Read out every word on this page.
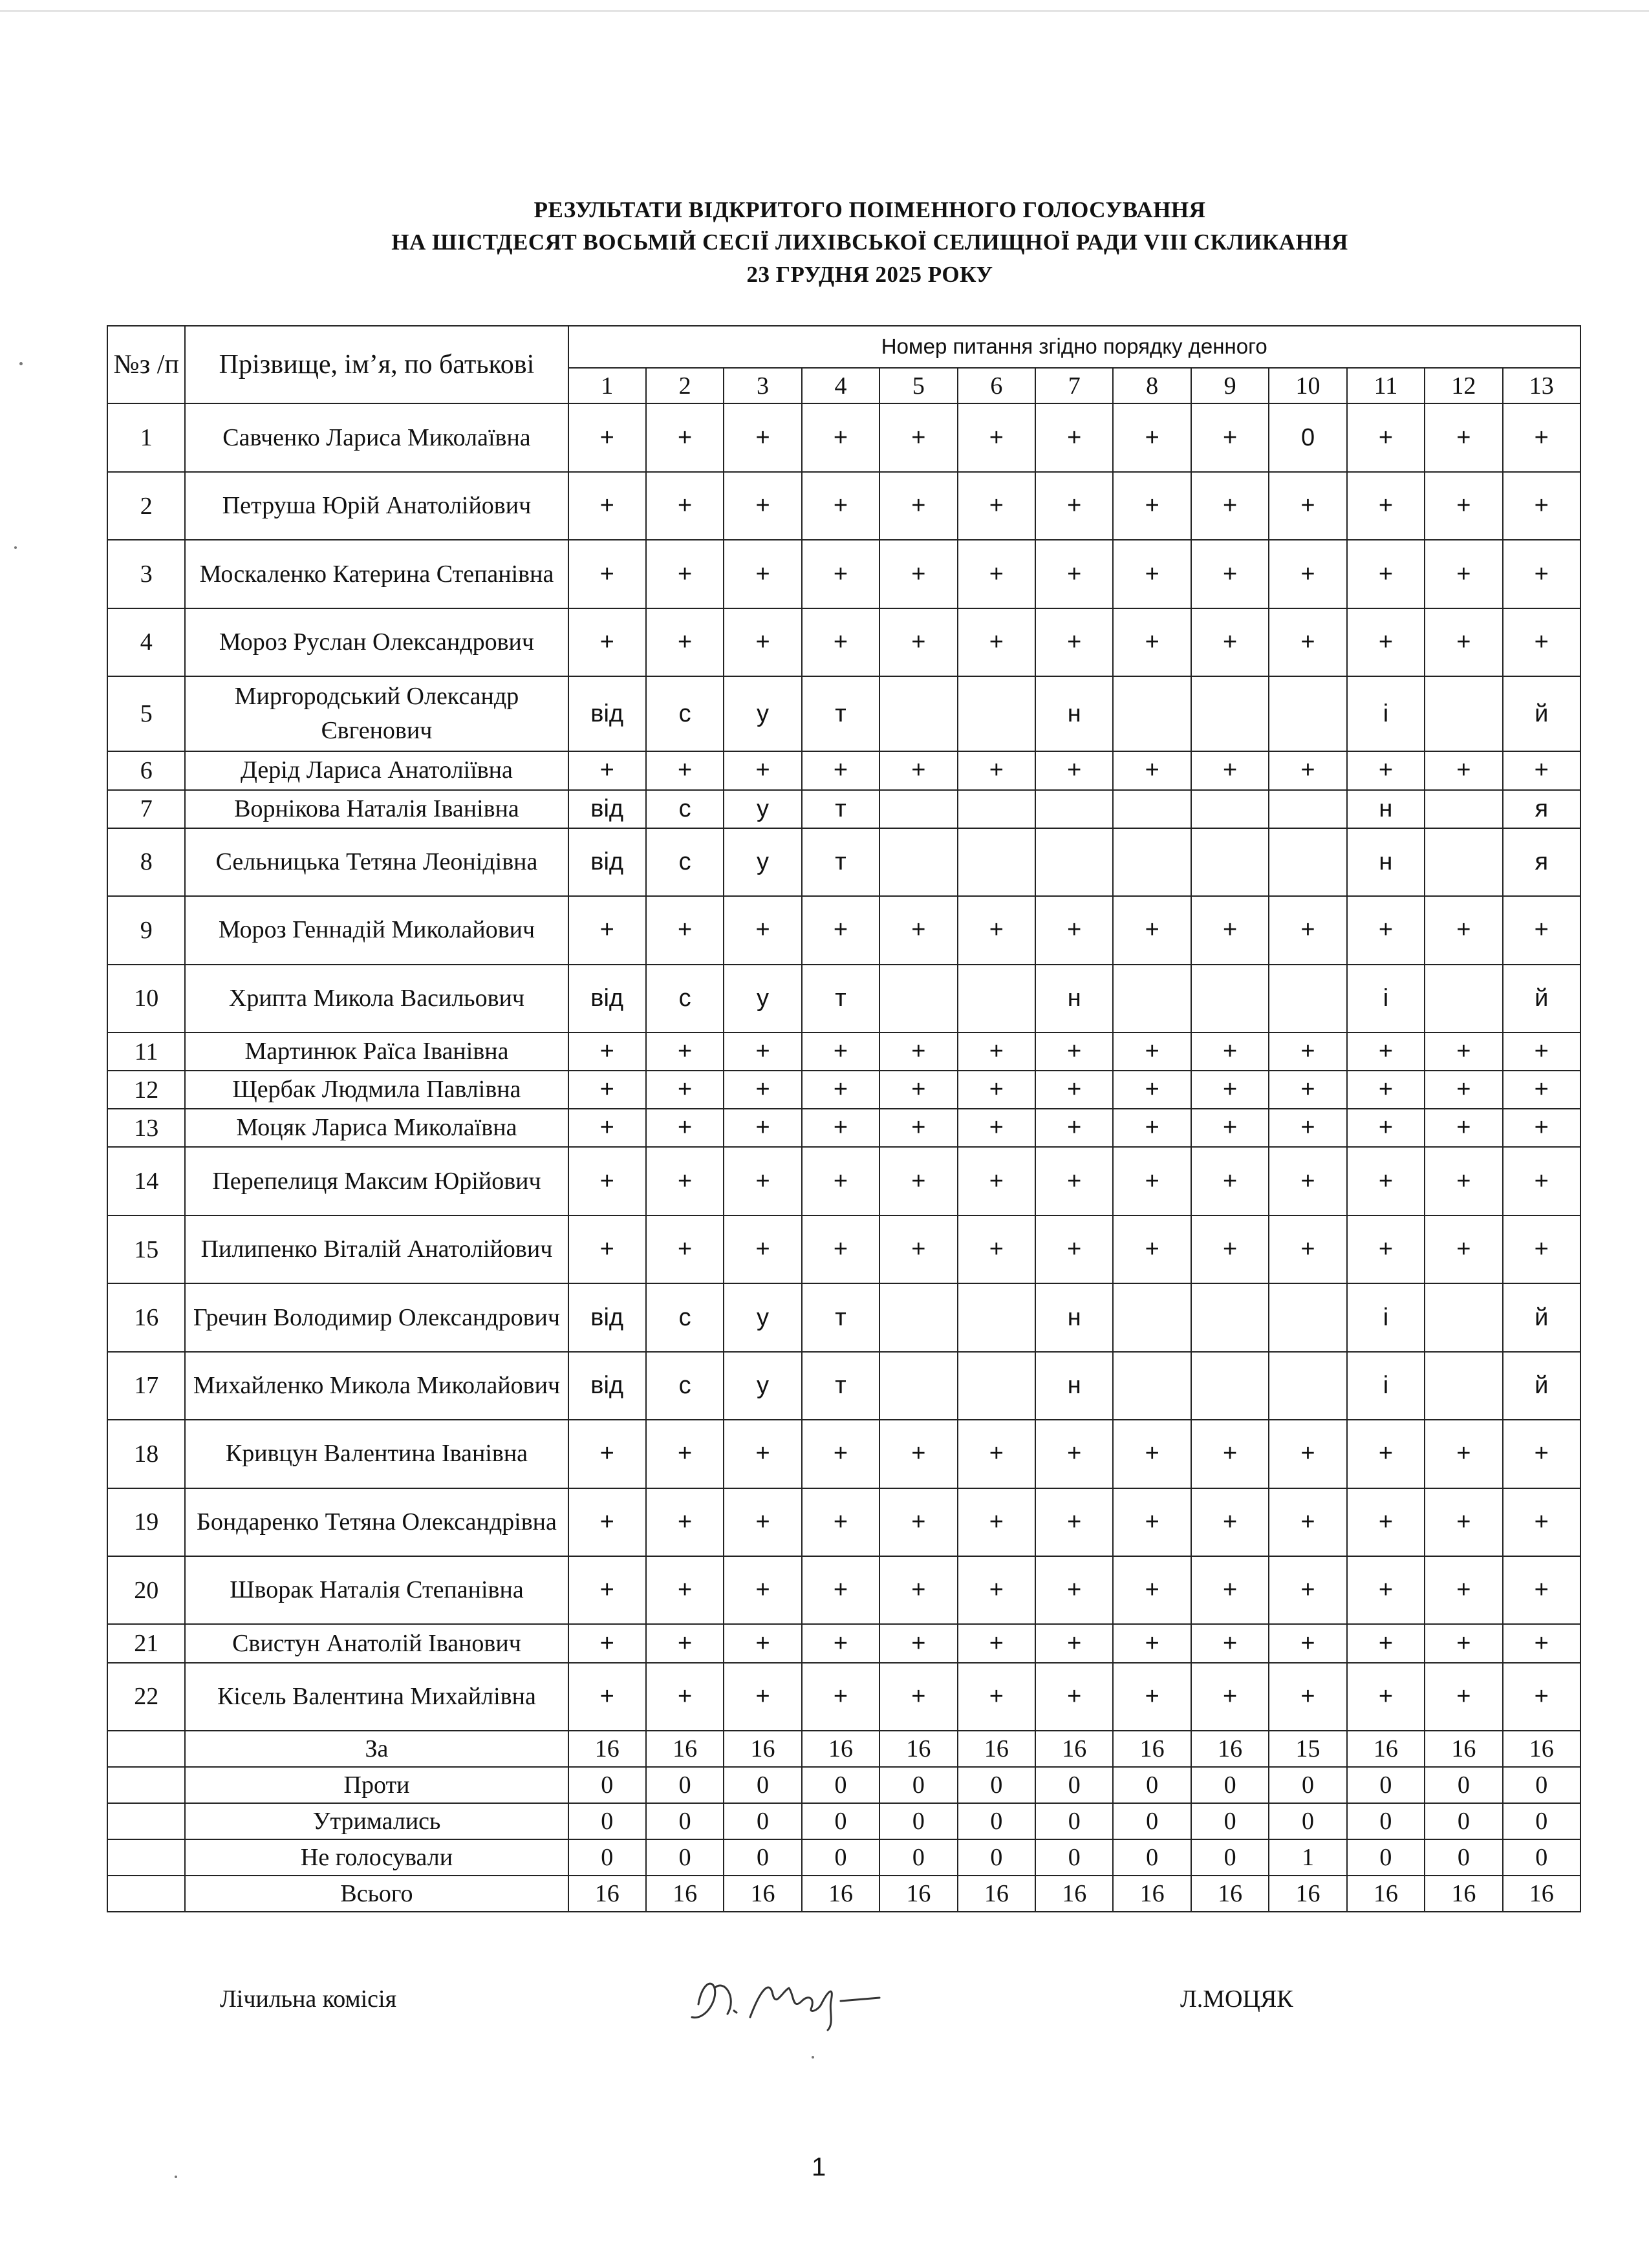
РЕЗУЛЬТАТИ ВІДКРИТОГО ПОІМЕННОГО ГОЛОСУВАННЯ
НА ШІСТДЕСЯТ ВОСЬМІЙ СЕСІЇ ЛИХІВСЬКОЇ СЕЛИЩНОЇ РАДИ VIII СКЛИКАННЯ
23 ГРУДНЯ 2025 РОКУ
№з /п	Прізвище, ім’я, по батькові	Номер питання згідно порядку денного												
		1	2	3	4	5	6	7	8	9	10	11	12	13
1	Савченко Лариса Миколаївна	+	+	+	+	+	+	+	+	+	0	+	+	+
2	Петруша Юрій Анатолійович	+	+	+	+	+	+	+	+	+	+	+	+	+
3	Москаленко Катерина Степанівна	+	+	+	+	+	+	+	+	+	+	+	+	+
4	Мороз Руслан Олександрович	+	+	+	+	+	+	+	+	+	+	+	+	+
5	Миргородський Олександр Євгенович	від	с	у	т			н				і		й
6	Дерід Лариса Анатоліївна	+	+	+	+	+	+	+	+	+	+	+	+	+
7	Ворнікова Наталія Іванівна	від	с	у	т							н		я
8	Сельницька Тетяна Леонідівна	від	с	у	т							н		я
9	Мороз Геннадій Миколайович	+	+	+	+	+	+	+	+	+	+	+	+	+
10	Хрипта Микола Васильович	від	с	у	т			н				і		й
11	Мартинюк Раїса Іванівна	+	+	+	+	+	+	+	+	+	+	+	+	+
12	Щербак Людмила Павлівна	+	+	+	+	+	+	+	+	+	+	+	+	+
13	Моцяк Лариса Миколаївна	+	+	+	+	+	+	+	+	+	+	+	+	+
14	Перепелиця Максим Юрійович	+	+	+	+	+	+	+	+	+	+	+	+	+
15	Пилипенко Віталій Анатолійович	+	+	+	+	+	+	+	+	+	+	+	+	+
16	Гречин Володимир Олександрович	від	с	у	т			н				і		й
17	Михайленко Микола Миколайович	від	с	у	т			н				і		й
18	Кривцун Валентина Іванівна	+	+	+	+	+	+	+	+	+	+	+	+	+
19	Бондаренко Тетяна Олександрівна	+	+	+	+	+	+	+	+	+	+	+	+	+
20	Шворак Наталія Степанівна	+	+	+	+	+	+	+	+	+	+	+	+	+
21	Свистун Анатолій Іванович	+	+	+	+	+	+	+	+	+	+	+	+	+
22	Кісель Валентина Михайлівна	+	+	+	+	+	+	+	+	+	+	+	+	+
	За	16	16	16	16	16	16	16	16	16	15	16	16	16
	Проти	0	0	0	0	0	0	0	0	0	0	0	0	0
	Утримались	0	0	0	0	0	0	0	0	0	0	0	0	0
	Не голосували	0	0	0	0	0	0	0	0	0	1	0	0	0
	Всього	16	16	16	16	16	16	16	16	16	16	16	16	16
Лічильна комісія	Л.МОЦЯК
1
